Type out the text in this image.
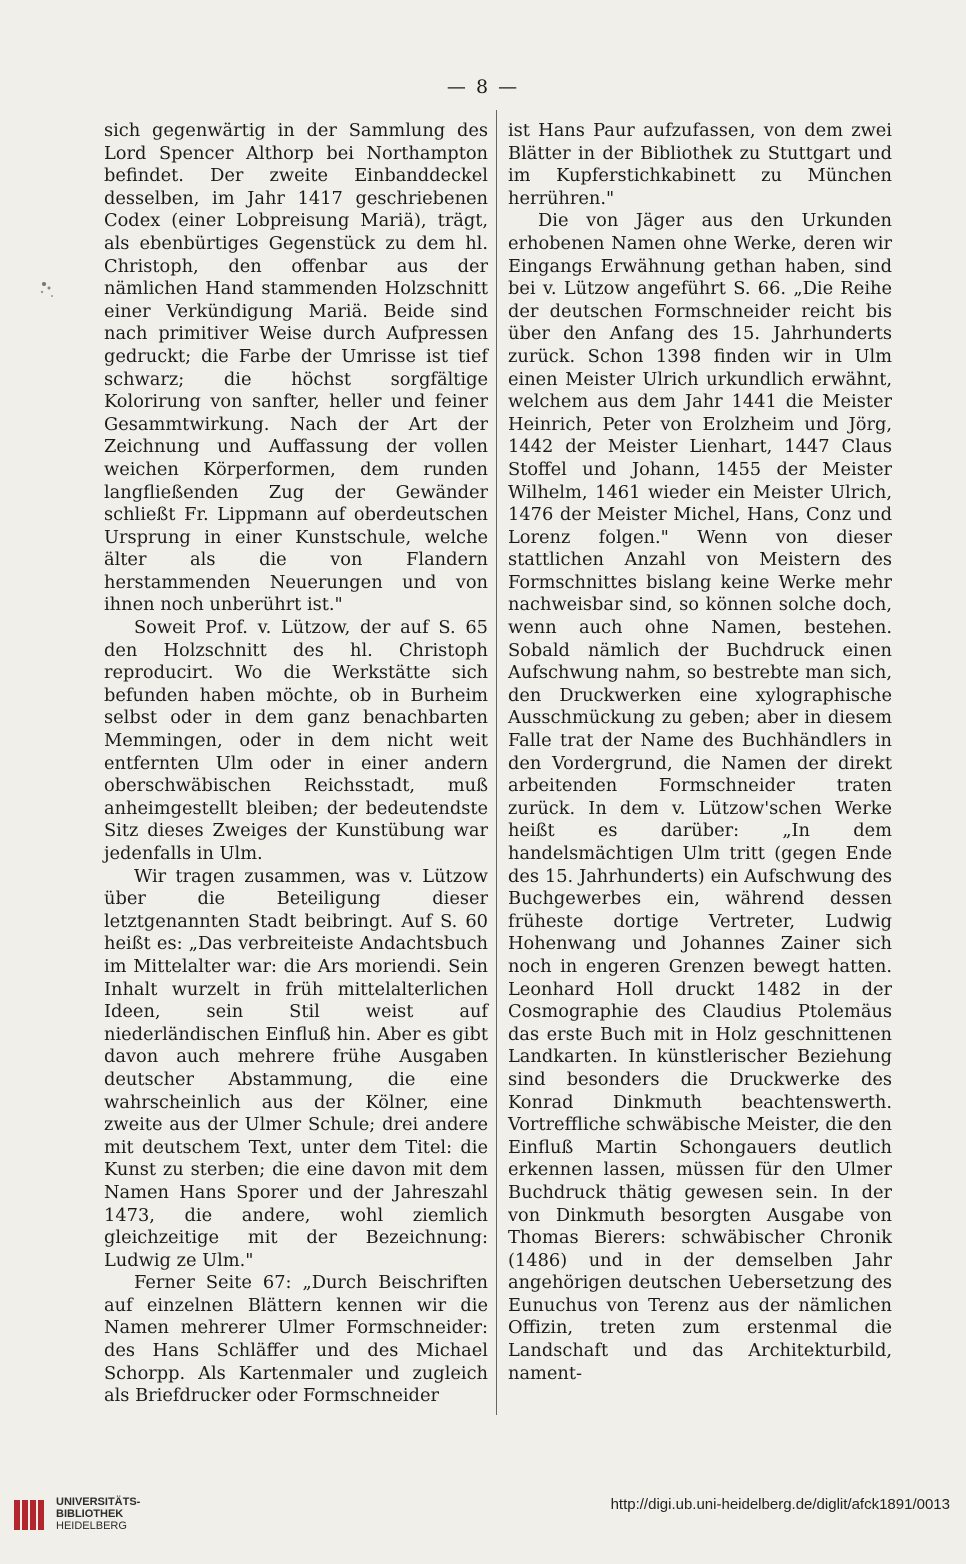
— 8 —

sich gegenwärtig in der Sammlung des Lord Spencer Althorp bei Northampton befindet. Der zweite Einbanddeckel desselben, im Jahr 1417 geschriebenen Codex (einer Lobpreisung Mariä), trägt, als ebenbürtiges Gegenstück zu dem hl. Christoph, den offenbar aus der nämlichen Hand stammenden Holzschnitt einer Verkündigung Mariä. Beide sind nach primitiver Weise durch Aufpressen gedruckt; die Farbe der Umrisse ist tief schwarz; die höchst sorgfältige Kolorirung von sanfter, heller und feiner Gesammtwirkung. Nach der Art der Zeichnung und Auffassung der vollen weichen Körperformen, dem runden langfließenden Zug der Gewänder schließt Fr. Lippmann auf oberdeutschen Ursprung in einer Kunstschule, welche älter als die von Flandern herstammenden Neuerungen und von ihnen noch unberührt ist."

Soweit Prof. v. Lützow, der auf S. 65 den Holzschnitt des hl. Christoph reproducirt. Wo die Werkstätte sich befunden haben möchte, ob in Burheim selbst oder in dem ganz benachbarten Memmingen, oder in dem nicht weit entfernten Ulm oder in einer andern oberschwäbischen Reichsstadt, muß anheimgestellt bleiben; der bedeutendste Sitz dieses Zweiges der Kunstübung war jedenfalls in Ulm.

Wir tragen zusammen, was v. Lützow über die Beteiligung dieser letztgenannten Stadt beibringt. Auf S. 60 heißt es: „Das verbreiteiste Andachtsbuch im Mittelalter war: die Ars moriendi. Sein Inhalt wurzelt in früh mittelalterlichen Ideen, sein Stil weist auf niederländischen Einfluß hin. Aber es gibt davon auch mehrere frühe Ausgaben deutscher Abstammung, die eine wahrscheinlich aus der Kölner, eine zweite aus der Ulmer Schule; drei andere mit deutschem Text, unter dem Titel: die Kunst zu sterben; die eine davon mit dem Namen Hans Sporer und der Jahreszahl 1473, die andere, wohl ziemlich gleichzeitige mit der Bezeichnung: Ludwig ze Ulm."

Ferner Seite 67: „Durch Beischriften auf einzelnen Blättern kennen wir die Namen mehrerer Ulmer Formschneider: des Hans Schläffer und des Michael Schorpp. Als Kartenmaler und zugleich als Briefdrucker oder Formschneider

ist Hans Paur aufzufassen, von dem zwei Blätter in der Bibliothek zu Stuttgart und im Kupferstichkabinett zu München herrühren."

Die von Jäger aus den Urkunden erhobenen Namen ohne Werke, deren wir Eingangs Erwähnung gethan haben, sind bei v. Lützow angeführt S. 66. „Die Reihe der deutschen Formschneider reicht bis über den Anfang des 15. Jahrhunderts zurück. Schon 1398 finden wir in Ulm einen Meister Ulrich urkundlich erwähnt, welchem aus dem Jahr 1441 die Meister Heinrich, Peter von Erolzheim und Jörg, 1442 der Meister Lienhart, 1447 Claus Stoffel und Johann, 1455 der Meister Wilhelm, 1461 wieder ein Meister Ulrich, 1476 der Meister Michel, Hans, Conz und Lorenz folgen." Wenn von dieser stattlichen Anzahl von Meistern des Formschnittes bislang keine Werke mehr nachweisbar sind, so können solche doch, wenn auch ohne Namen, bestehen. Sobald nämlich der Buchdruck einen Aufschwung nahm, so bestrebte man sich, den Druckwerken eine xylographische Ausschmückung zu geben; aber in diesem Falle trat der Name des Buchhändlers in den Vordergrund, die Namen der direkt arbeitenden Formschneider traten zurück. In dem v. Lützow'schen Werke heißt es darüber: „In dem handelsmächtigen Ulm tritt (gegen Ende des 15. Jahrhunderts) ein Aufschwung des Buchgewerbes ein, während dessen früheste dortige Vertreter, Ludwig Hohenwang und Johannes Zainer sich noch in engeren Grenzen bewegt hatten. Leonhard Holl druckt 1482 in der Cosmographie des Claudius Ptolemäus das erste Buch mit in Holz geschnittenen Landkarten. In künstlerischer Beziehung sind besonders die Druckwerke des Konrad Dinkmuth beachtenswerth. Vortreffliche schwäbische Meister, die den Einfluß Martin Schongauers deutlich erkennen lassen, müssen für den Ulmer Buchdruck thätig gewesen sein. In der von Dinkmuth besorgten Ausgabe von Thomas Bierers: schwäbischer Chronik (1486) und in der demselben Jahr angehörigen deutschen Uebersetzung des Eunuchus von Terenz aus der nämlichen Offizin, treten zum erstenmal die Landschaft und das Architekturbild, nament-

UNIVERSITÄTS-
BIBLIOTHEK
HEIDELBERG
http://digi.ub.uni-heidelberg.de/diglit/afck1891/0013
